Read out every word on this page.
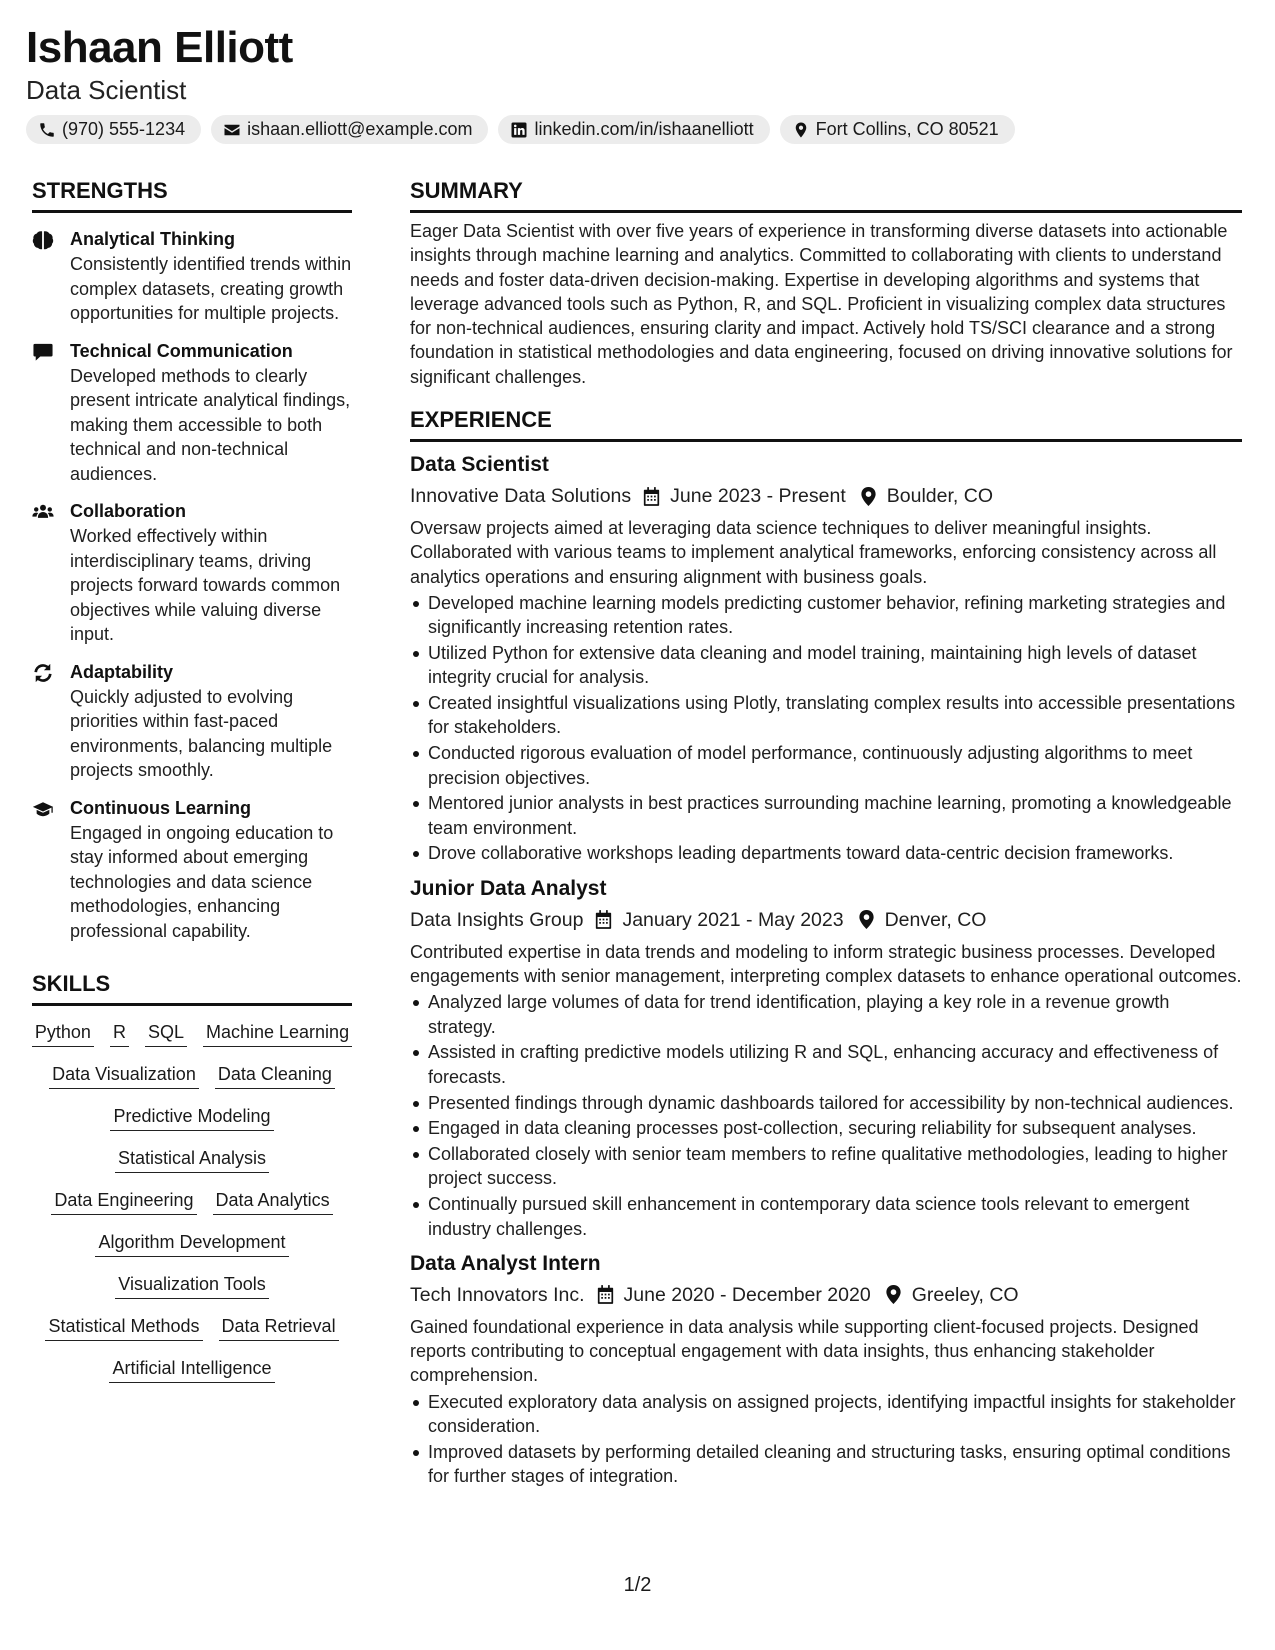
Ishaan Elliott
Data Scientist
(970) 555-1234	ishaan.elliott@example.com	linkedin.com/in/ishaanelliott	Fort Collins, CO 80521
STRENGTHS
Analytical Thinking
Consistently identified trends within complex datasets, creating growth opportunities for multiple projects.
Technical Communication
Developed methods to clearly present intricate analytical findings, making them accessible to both technical and non-technical audiences.
Collaboration
Worked effectively within interdisciplinary teams, driving projects forward towards common objectives while valuing diverse input.
Adaptability
Quickly adjusted to evolving priorities within fast-paced environments, balancing multiple projects smoothly.
Continuous Learning
Engaged in ongoing education to stay informed about emerging technologies and data science methodologies, enhancing professional capability.
SKILLS
Python R SQL Machine Learning
Data Visualization Data Cleaning
Predictive Modeling
Statistical Analysis
Data Engineering Data Analytics
Algorithm Development
Visualization Tools
Statistical Methods Data Retrieval
Artificial Intelligence
SUMMARY
Eager Data Scientist with over five years of experience in transforming diverse datasets into actionable insights through machine learning and analytics. Committed to collaborating with clients to understand needs and foster data-driven decision-making. Expertise in developing algorithms and systems that leverage advanced tools such as Python, R, and SQL. Proficient in visualizing complex data structures for non-technical audiences, ensuring clarity and impact. Actively hold TS/SCI clearance and a strong foundation in statistical methodologies and data engineering, focused on driving innovative solutions for significant challenges.
EXPERIENCE
Data Scientist
Innovative Data Solutions June 2023 - Present Boulder, CO
Oversaw projects aimed at leveraging data science techniques to deliver meaningful insights. Collaborated with various teams to implement analytical frameworks, enforcing consistency across all analytics operations and ensuring alignment with business goals.
Developed machine learning models predicting customer behavior, refining marketing strategies and significantly increasing retention rates.
Utilized Python for extensive data cleaning and model training, maintaining high levels of dataset integrity crucial for analysis.
Created insightful visualizations using Plotly, translating complex results into accessible presentations for stakeholders.
Conducted rigorous evaluation of model performance, continuously adjusting algorithms to meet precision objectives.
Mentored junior analysts in best practices surrounding machine learning, promoting a knowledgeable team environment.
Drove collaborative workshops leading departments toward data-centric decision frameworks.
Junior Data Analyst
Data Insights Group January 2021 - May 2023 Denver, CO
Contributed expertise in data trends and modeling to inform strategic business processes. Developed engagements with senior management, interpreting complex datasets to enhance operational outcomes.
Analyzed large volumes of data for trend identification, playing a key role in a revenue growth strategy.
Assisted in crafting predictive models utilizing R and SQL, enhancing accuracy and effectiveness of forecasts.
Presented findings through dynamic dashboards tailored for accessibility by non-technical audiences.
Engaged in data cleaning processes post-collection, securing reliability for subsequent analyses.
Collaborated closely with senior team members to refine qualitative methodologies, leading to higher project success.
Continually pursued skill enhancement in contemporary data science tools relevant to emergent industry challenges.
Data Analyst Intern
Tech Innovators Inc. June 2020 - December 2020 Greeley, CO
Gained foundational experience in data analysis while supporting client-focused projects. Designed reports contributing to conceptual engagement with data insights, thus enhancing stakeholder comprehension.
Executed exploratory data analysis on assigned projects, identifying impactful insights for stakeholder consideration.
Improved datasets by performing detailed cleaning and structuring tasks, ensuring optimal conditions for further stages of integration.
1/2
